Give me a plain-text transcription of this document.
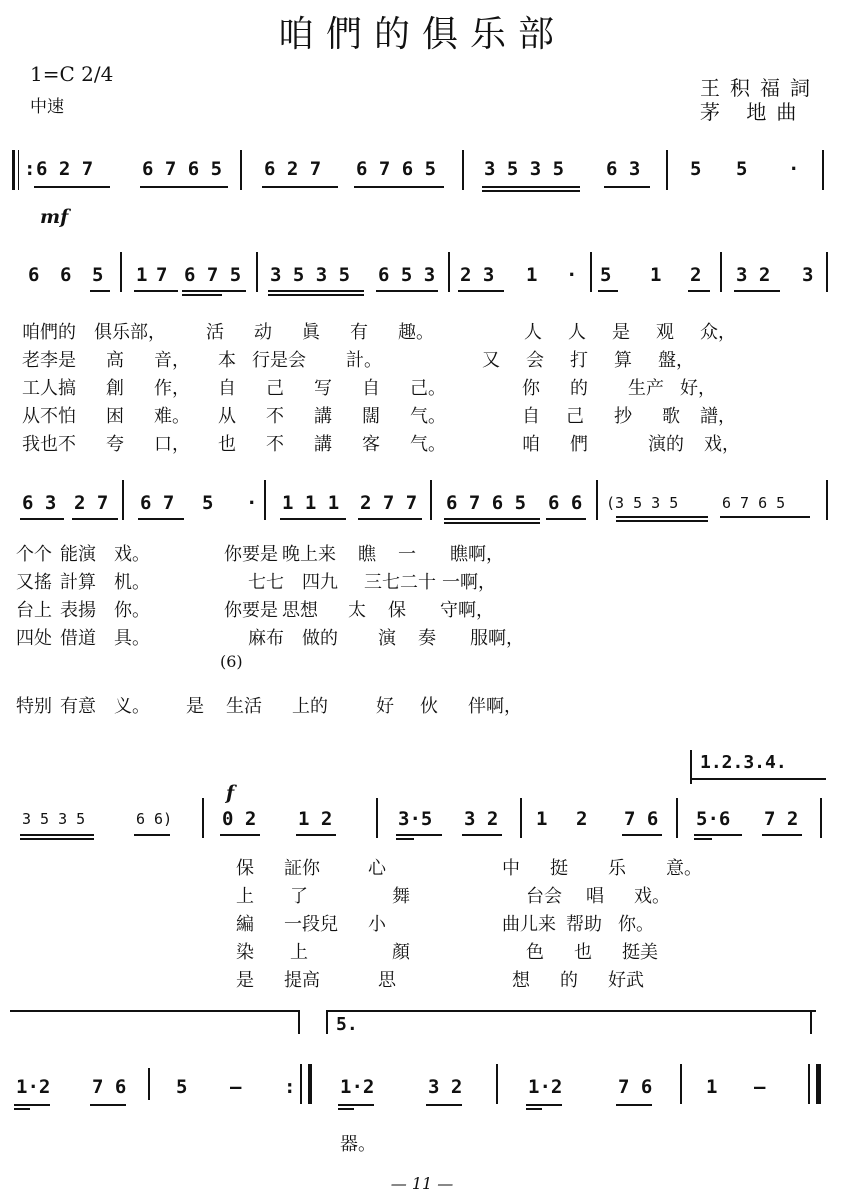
咱們的俱乐部
1=C 2/4
中速
王积福詞
茅 地曲
: 6 2 7	6 7 6 5 6 2 7 6 7 6 5	3 5 3 5 6 3	5 5 ·
mf
6 6 5 1 7 6 7 5 3 5 3 5 6 5 3 2 3 1 · 5 1 2 3 2 3
咱們的 俱乐部， 活 动 眞 有 趣。	人 人 是 观 众，
老李是 高 音， 本 行是会 計。	又 会 打 算 盤，
工人搞 創 作， 自 己 写 自 己。	你 的 生产 好，
从不怕 困 难。 从 不 講 闊 气。	自 己 抄 歌 譜，
我也不 夸 口， 也 不 講 客 气。	咱 們	演的 戏，
6 3 2 7 6 7 5 · 1 1 1 2 7 7 6 7 6 5 6 6 (3 5 3 5	6 7 6 5
个个 能演 戏。	你要是 晚上来 瞧 一 瞧啊，
又搖 計算 机。	七七 四九 三七二十 一啊，
台上 表揚 你。	你要是 思想 太 保 守啊，
四处 借道 具。	麻布 做的 演 奏 服啊，
(6)
特别 有意 义。 是 生活 上的	好 伙 伴啊，
1.2.3.4.
f
3 5 3 5	6 6)	0 2 1 2	3·5 3 2 1 2 7 6 5·6 7 2
保 証你	心	中 挺 乐 意。
上 了	舞	台会 唱 戏。
編 一段兒 小	曲儿来 帮助 你。
染 上	顏	色 也 挺美
是 提高	思	想 的 好武
5.
1·2 7 6	5 — : 1·2	3 2	1·2	7 6	1 —
器。
— 11 —
